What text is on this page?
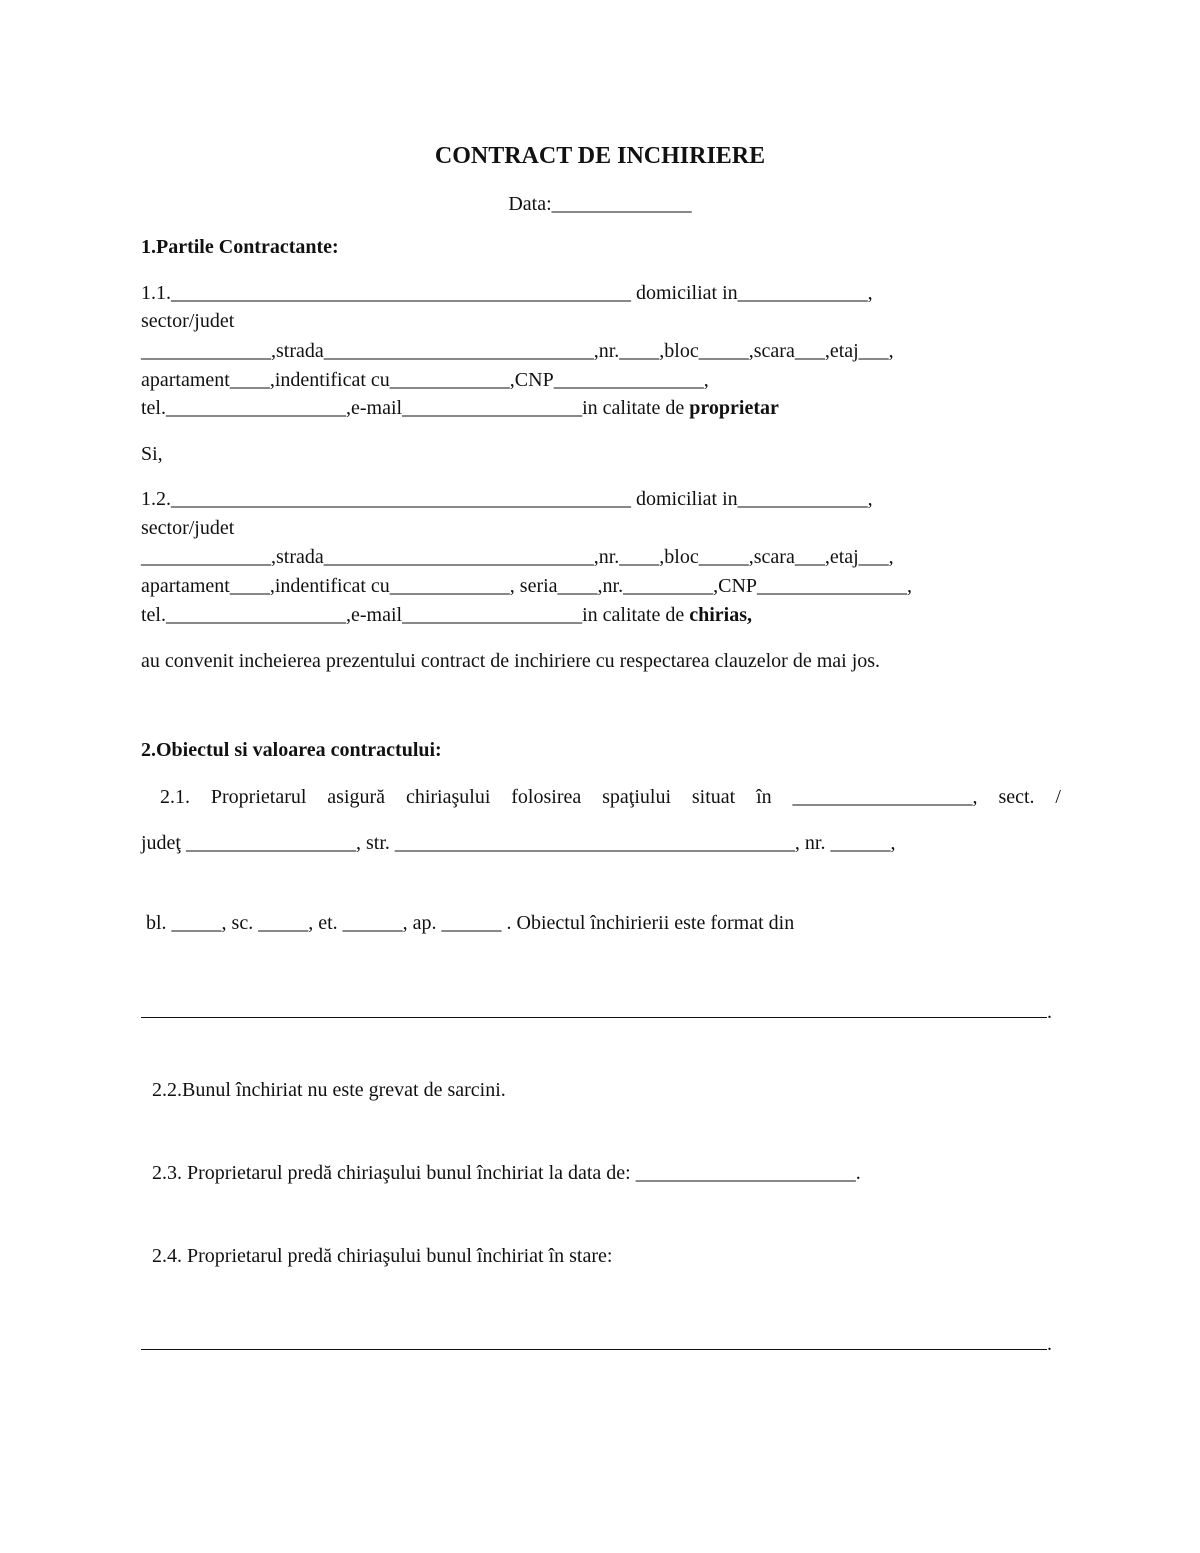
CONTRACT DE INCHIRIERE
Data:______________
1.Partile Contractante:
1.1.______________________________________________ domiciliat in_____________,
sector/judet
_____________,strada___________________________,nr.____,bloc_____,scara___,etaj___,
apartament____,indentificat cu____________,CNP_______________,
tel.__________________,e-mail__________________in calitate de proprietar
Si,
1.2.______________________________________________ domiciliat in_____________,
sector/judet
_____________,strada___________________________,nr.____,bloc_____,scara___,etaj___,
apartament____,indentificat cu____________, seria____,nr._________,CNP_______________,
tel.__________________,e-mail__________________in calitate de chirias,
au convenit incheierea prezentului contract de inchiriere cu respectarea clauzelor de mai jos.
2.Obiectul si valoarea contractului:
2.1. Proprietarul asigură chiriaşului folosirea spaţiului situat în __________________, sect. /
judeţ _________________, str. ________________________________________, nr. ______,
bl. _____, sc. _____, et. ______, ap. ______ . Obiectul închirierii este format din
.
2.2.Bunul închiriat nu este grevat de sarcini.
2.3. Proprietarul predă chiriaşului bunul închiriat la data de: ______________________.
2.4. Proprietarul predă chiriaşului bunul închiriat în stare:
.
